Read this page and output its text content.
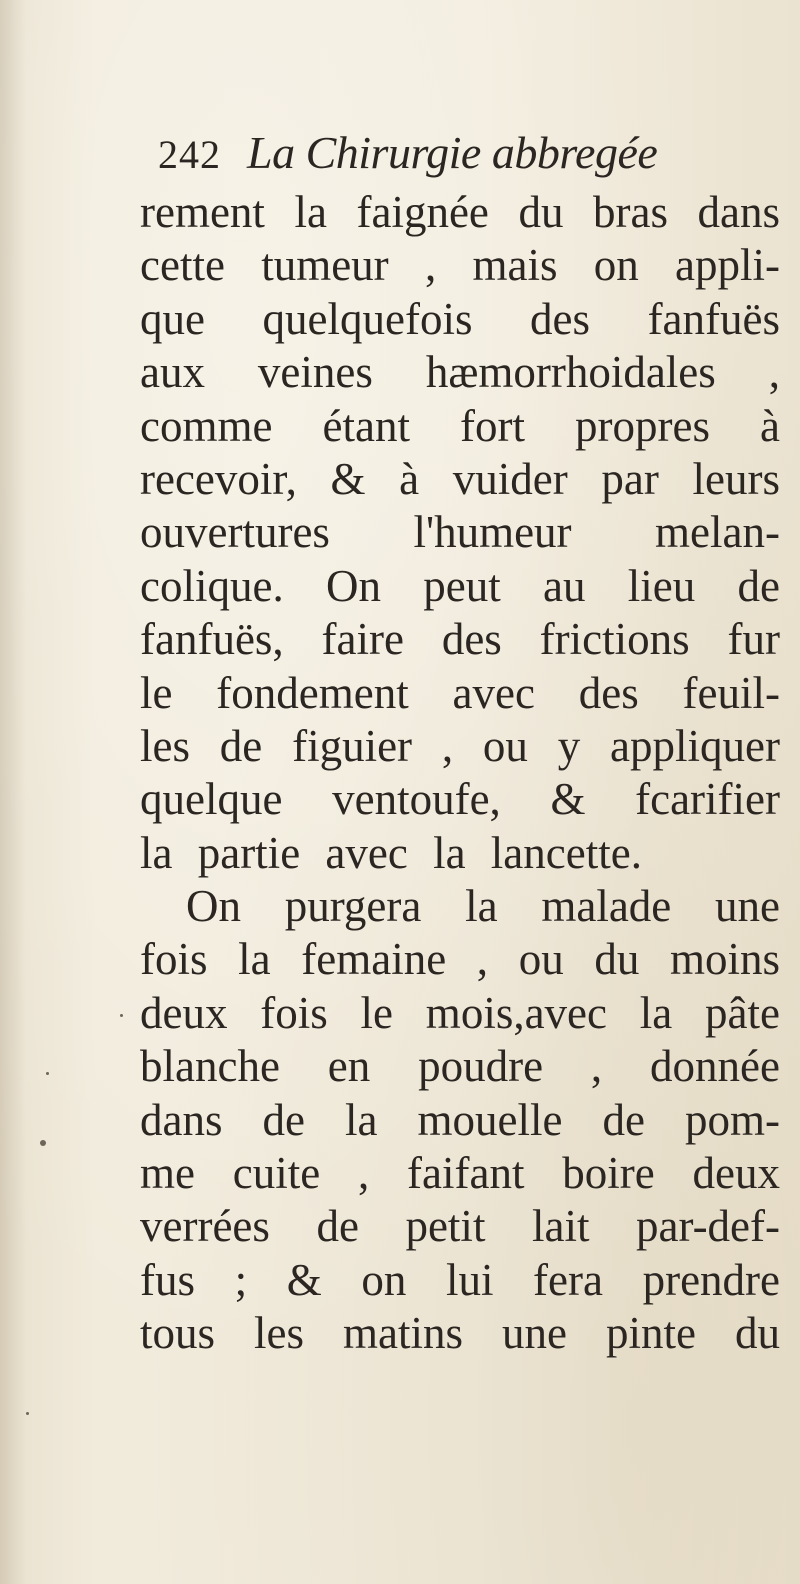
242 La Chirurgie abbregée
rement la faignée du bras dans
cette tumeur , mais on appli-
que quelquefois des fanfuës
aux veines hæmorrhoidales ,
comme étant fort propres à
recevoir, & à vuider par leurs
ouvertures l'humeur melan-
colique. On peut au lieu de
fanfuës, faire des frictions fur
le fondement avec des feuil-
les de figuier , ou y appliquer
quelque ventoufe, & fcarifier
la partie avec la lancette.
On purgera la malade une
fois la femaine , ou du moins
deux fois le mois,avec la pâte
blanche en poudre , donnée
dans de la mouelle de pom-
me cuite , faifant boire deux
verrées de petit lait par-def-
fus ; & on lui fera prendre
tous les matins une pinte du
